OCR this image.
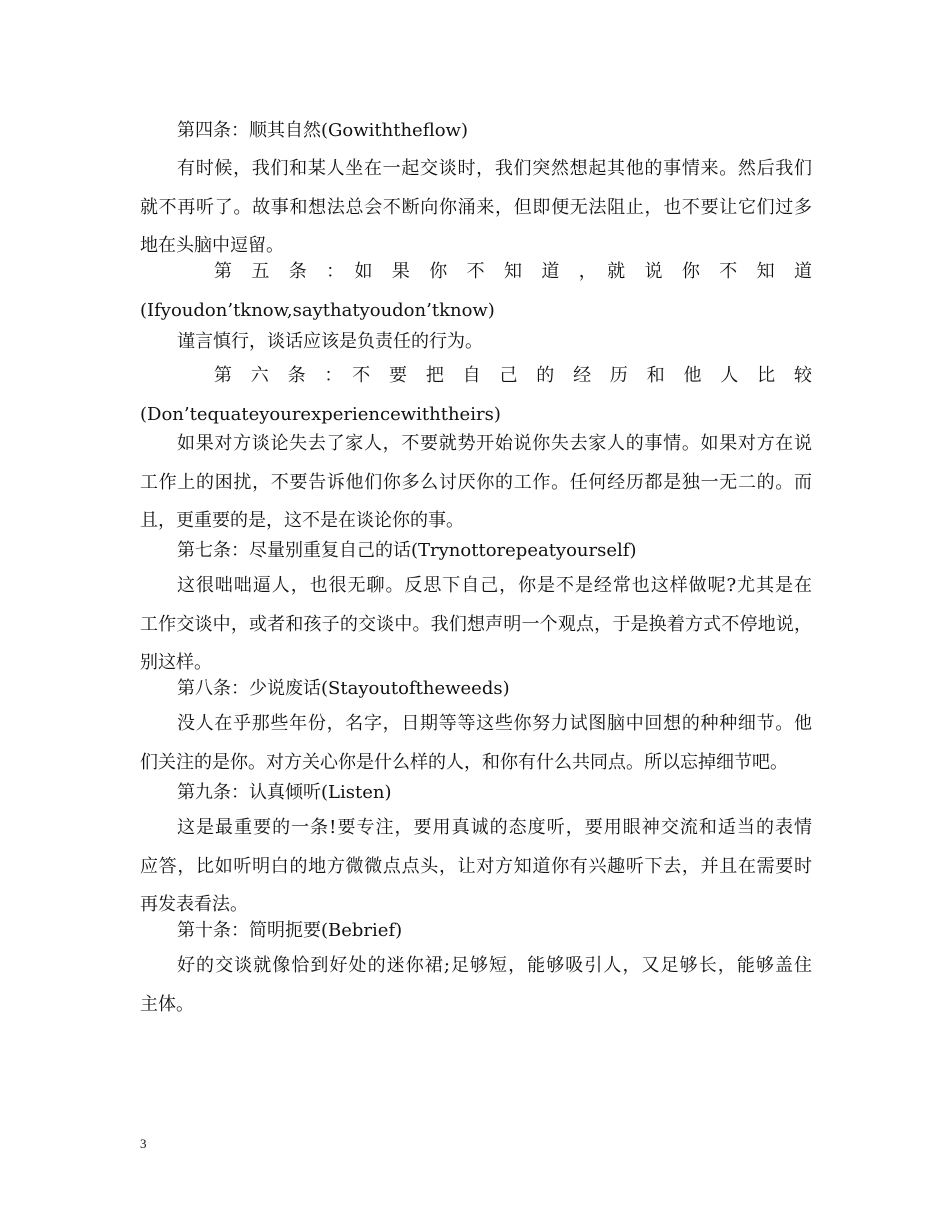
第四条：顺其自然(Gowiththeflow)
有时候，我们和某人坐在一起交谈时，我们突然想起其他的事情来。然后我们
就不再听了。故事和想法总会不断向你涌来，但即便无法阻止，也不要让它们过多
地在头脑中逗留。
第　五　条　：　如　果　你　不　知　道　，　就　说　你　不　知　道
(Ifyoudon’tknow,saythatyoudon’tknow)
谨言慎行，谈话应该是负责任的行为。
第　六　条　：　不　要　把　自　己　的　经　历　和　他　人　比　较
(Don’tequateyourexperiencewiththeirs)
如果对方谈论失去了家人，不要就势开始说你失去家人的事情。如果对方在说
工作上的困扰，不要告诉他们你多么讨厌你的工作。任何经历都是独一无二的。而
且，更重要的是，这不是在谈论你的事。
第七条：尽量别重复自己的话(Trynottorepeatyourself)
这很咄咄逼人，也很无聊。反思下自己，你是不是经常也这样做呢?尤其是在
工作交谈中，或者和孩子的交谈中。我们想声明一个观点，于是换着方式不停地说，
别这样。
第八条：少说废话(Stayoutoftheweeds)
没人在乎那些年份，名字，日期等等这些你努力试图脑中回想的种种细节。他
们关注的是你。对方关心你是什么样的人，和你有什么共同点。所以忘掉细节吧。
第九条：认真倾听(Listen)
这是最重要的一条!要专注，要用真诚的态度听，要用眼神交流和适当的表情
应答，比如听明白的地方微微点点头，让对方知道你有兴趣听下去，并且在需要时
再发表看法。
第十条：简明扼要(Bebrief)
好的交谈就像恰到好处的迷你裙;足够短，能够吸引人，又足够长，能够盖住
主体。
3
